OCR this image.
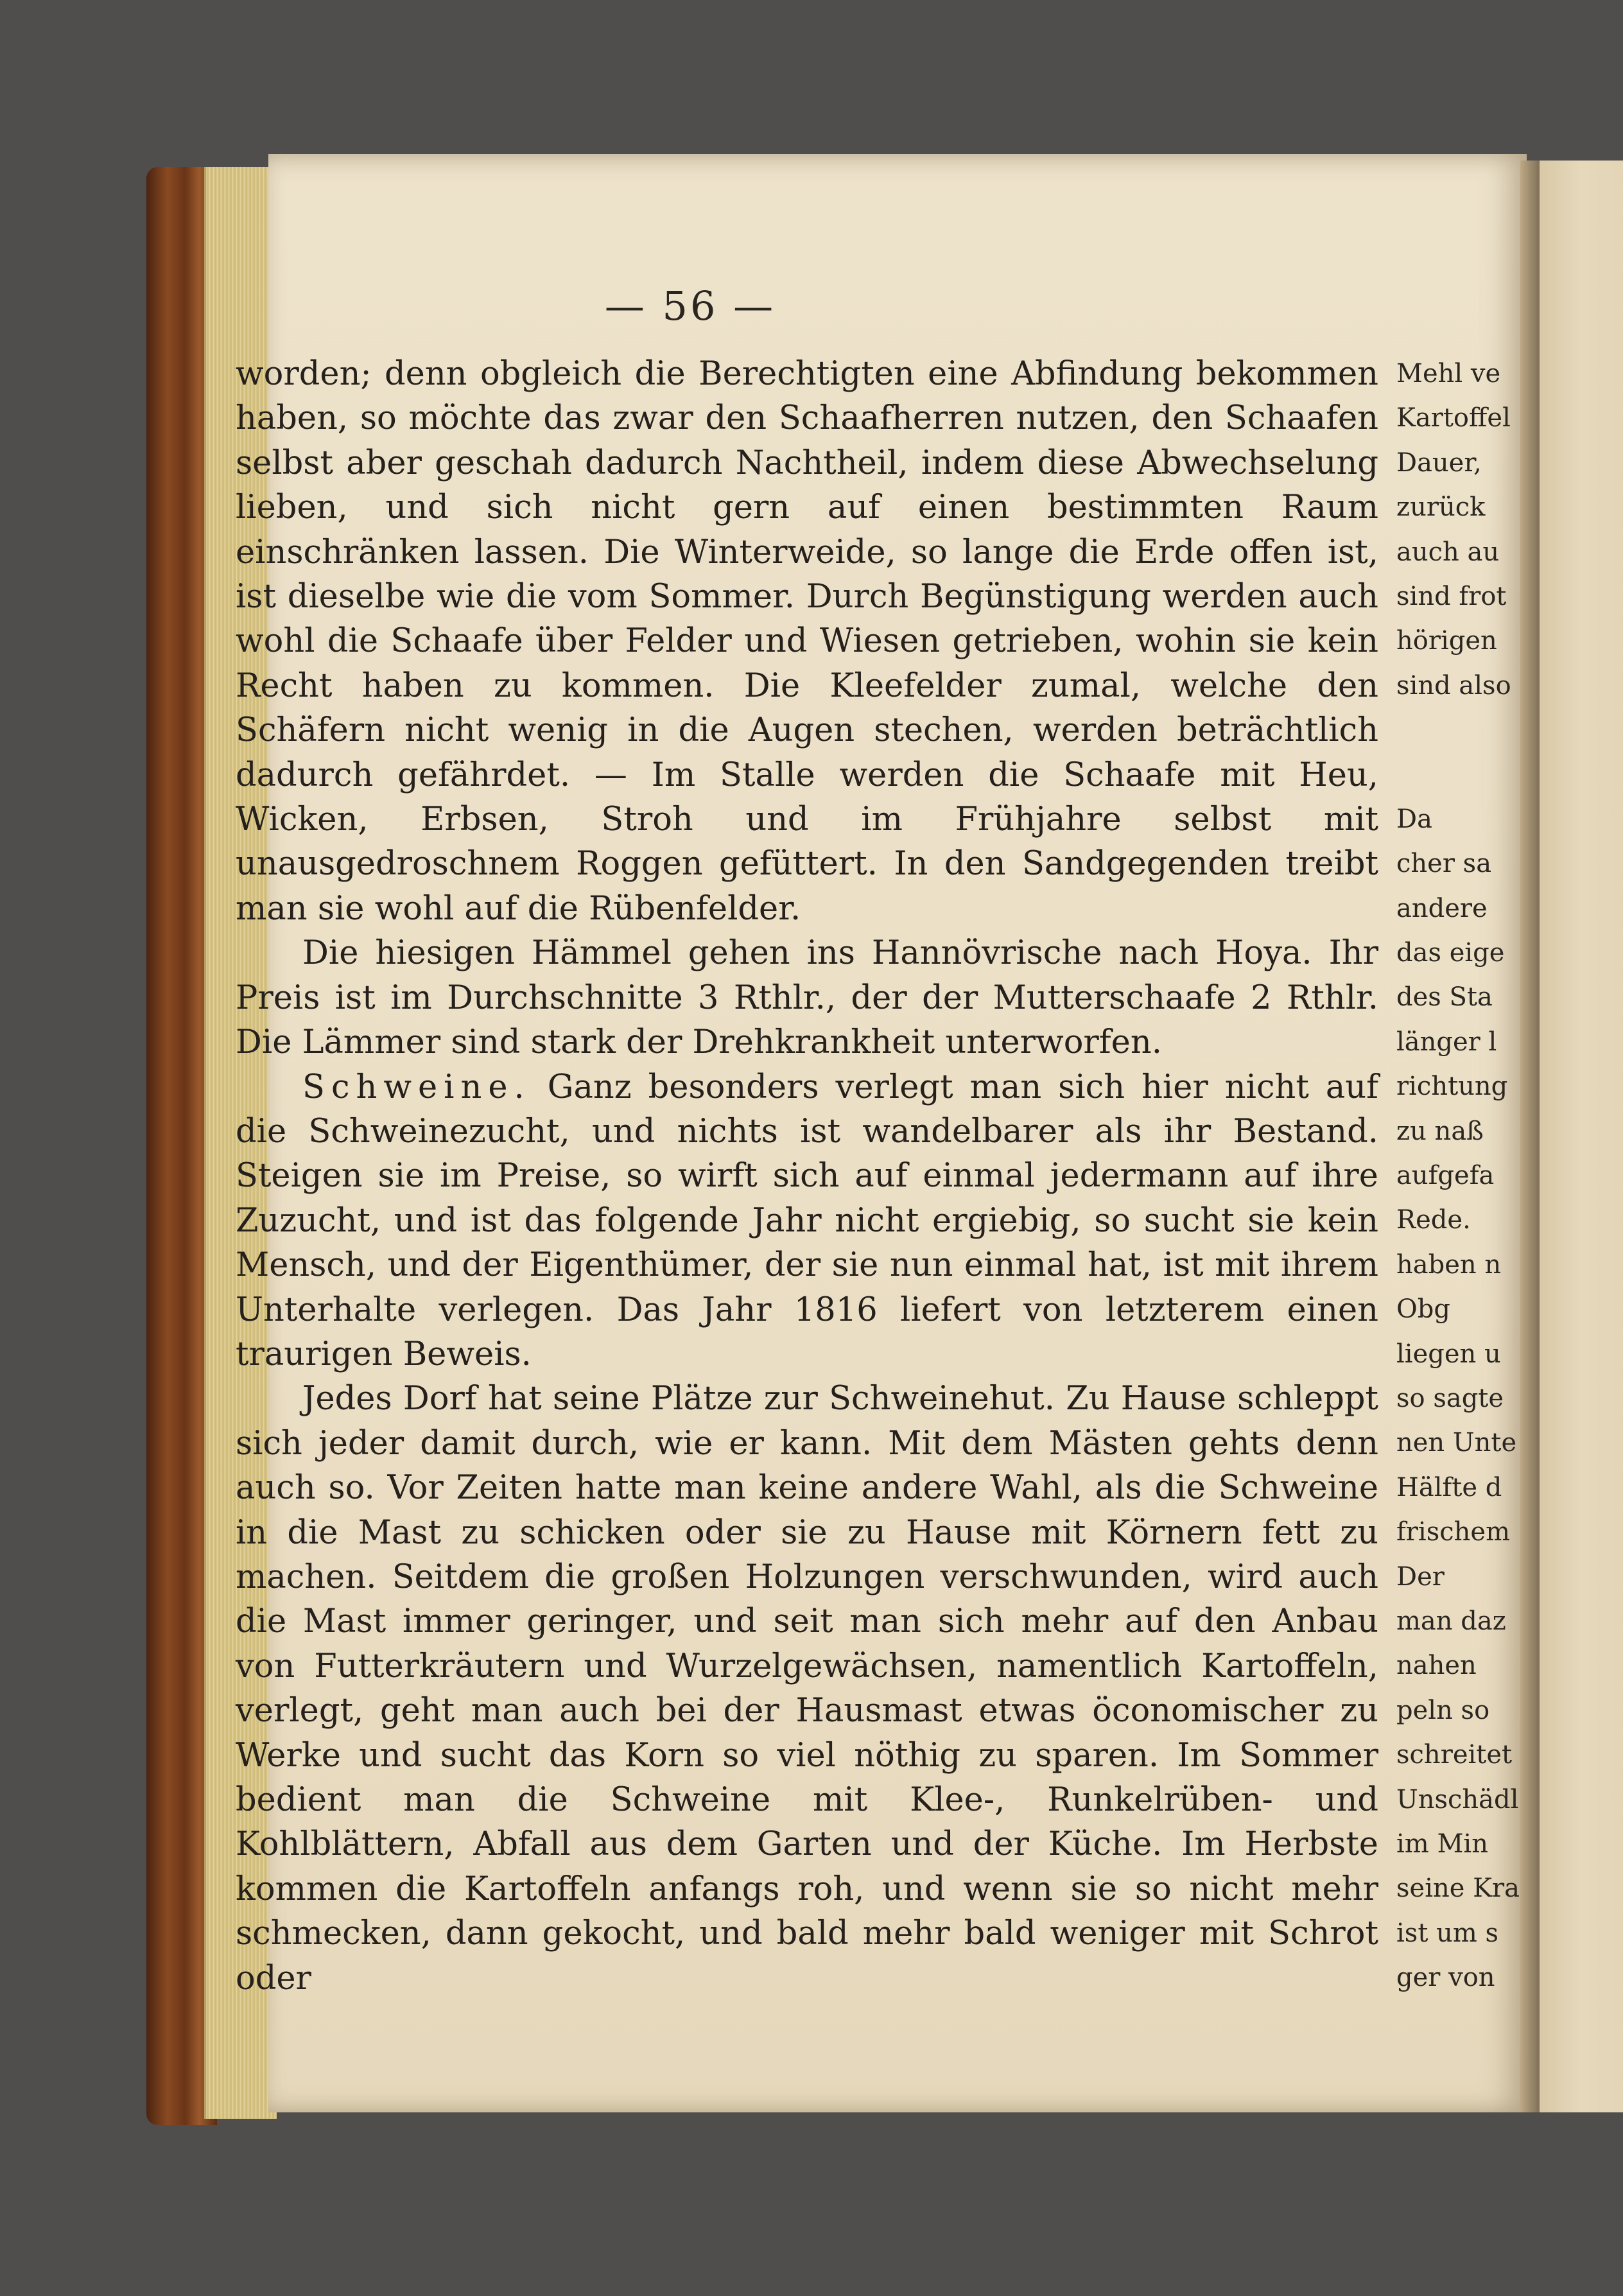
— 56 —

worden; denn obgleich die Berechtigten eine Abfindung bekommen haben, so möchte das zwar den Schaafherren nutzen, den Schaafen selbst aber geschah dadurch Nachtheil, indem diese Abwechselung lieben, und sich nicht gern auf einen bestimmten Raum einschränken lassen. Die Winterweide, so lange die Erde offen ist, ist dieselbe wie die vom Sommer. Durch Begünstigung werden auch wohl die Schaafe über Felder und Wiesen getrieben, wohin sie kein Recht haben zu kommen. Die Kleefelder zumal, welche den Schäfern nicht wenig in die Augen stechen, werden beträchtlich dadurch gefährdet. — Im Stalle werden die Schaafe mit Heu, Wicken, Erbsen, Stroh und im Frühjahre selbst mit unausgedroschnem Roggen gefüttert. In den Sandgegenden treibt man sie wohl auf die Rübenfelder.

Die hiesigen Hämmel gehen ins Hannövrische nach Hoya. Ihr Preis ist im Durchschnitte 3 Rthlr., der der Mutterschaafe 2 Rthlr. Die Lämmer sind stark der Drehkrankheit unterworfen.

Schweine. Ganz besonders verlegt man sich hier nicht auf die Schweinezucht, und nichts ist wandelbarer als ihr Bestand. Steigen sie im Preise, so wirft sich auf einmal jedermann auf ihre Zuzucht, und ist das folgende Jahr nicht ergiebig, so sucht sie kein Mensch, und der Eigenthümer, der sie nun einmal hat, ist mit ihrem Unterhalte verlegen. Das Jahr 1816 liefert von letzterem einen traurigen Beweis.

Jedes Dorf hat seine Plätze zur Schweinehut. Zu Hause schleppt sich jeder damit durch, wie er kann. Mit dem Mästen gehts denn auch so. Vor Zeiten hatte man keine andere Wahl, als die Schweine in die Mast zu schicken oder sie zu Hause mit Körnern fett zu machen. Seitdem die großen Holzungen verschwunden, wird auch die Mast immer geringer, und seit man sich mehr auf den Anbau von Futterkräutern und Wurzelgewächsen, namentlich Kartoffeln, verlegt, geht man auch bei der Hausmast etwas öconomischer zu Werke und sucht das Korn so viel nöthig zu sparen. Im Sommer bedient man die Schweine mit Klee-, Runkelrüben- und Kohlblättern, Abfall aus dem Garten und der Küche. Im Herbste kommen die Kartoffeln anfangs roh, und wenn sie so nicht mehr schmecken, dann gekocht, und bald mehr bald weniger mit Schrot oder

Mehl ve
Kartoffel
Dauer,
zurück
auch au
sind frot
hörigen
sind also
Da
cher sa
andere
das eige
des Sta
länger l
richtung
zu naß
aufgefa
Rede.
haben n
Obg
liegen u
so sagte
nen Unte
Hälfte d
frischem
Der
man daz
nahen
peln so
schreitet
Unschädl
im Min
seine Kra
ist um s
ger von
